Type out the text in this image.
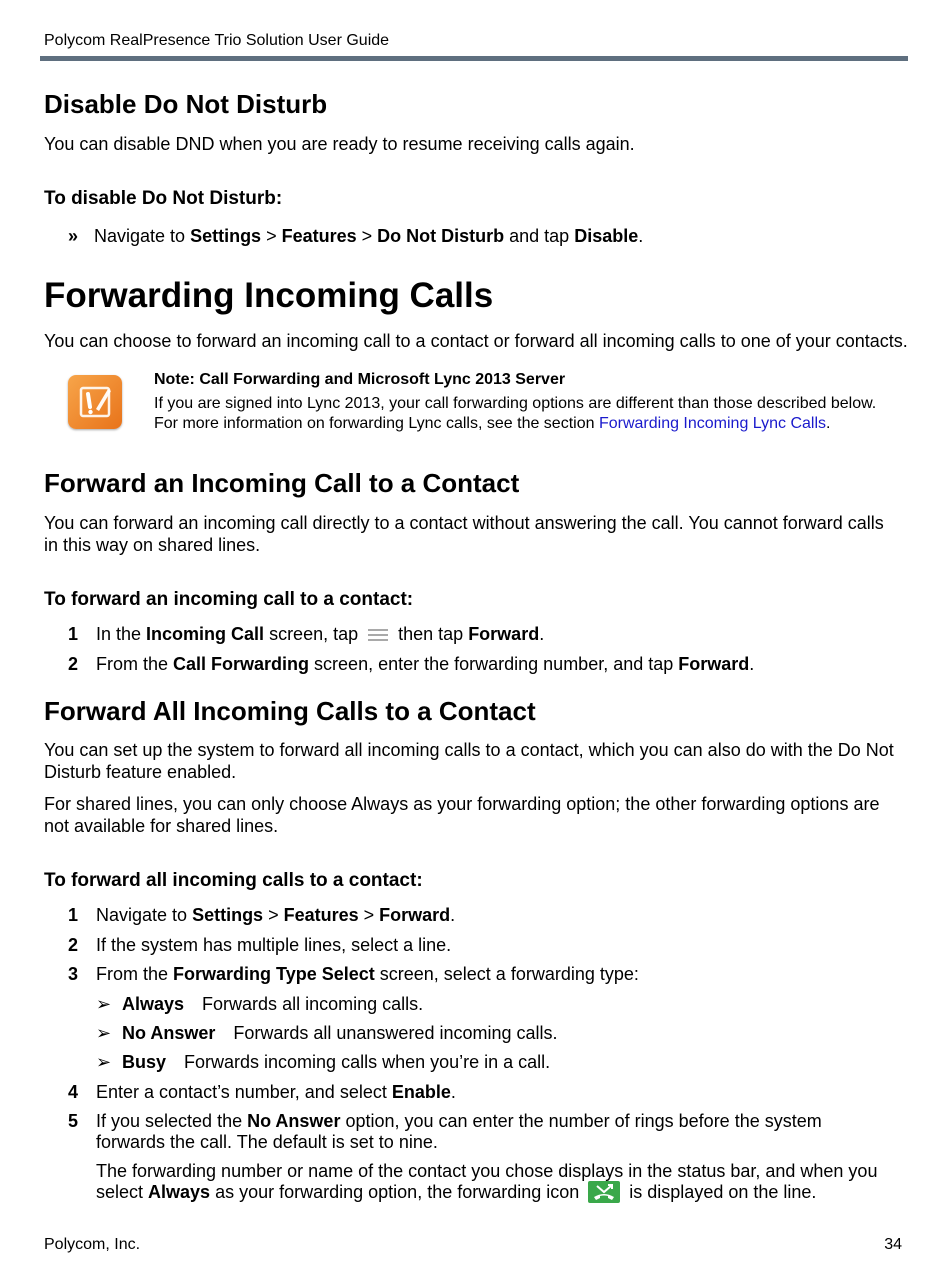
Polycom RealPresence Trio Solution User Guide
Disable Do Not Disturb
You can disable DND when you are ready to resume receiving calls again.
To disable Do Not Disturb:
» Navigate to Settings > Features > Do Not Disturb and tap Disable.
Forwarding Incoming Calls
You can choose to forward an incoming call to a contact or forward all incoming calls to one of your contacts.
Note: Call Forwarding and Microsoft Lync 2013 Server
If you are signed into Lync 2013, your call forwarding options are different than those described below.
For more information on forwarding Lync calls, see the section Forwarding Incoming Lync Calls.
Forward an Incoming Call to a Contact
You can forward an incoming call directly to a contact without answering the call. You cannot forward calls
in this way on shared lines.
To forward an incoming call to a contact:
1 In the Incoming Call screen, tap  then tap Forward.
2 From the Call Forwarding screen, enter the forwarding number, and tap Forward.
Forward All Incoming Calls to a Contact
You can set up the system to forward all incoming calls to a contact, which you can also do with the Do Not
Disturb feature enabled.
For shared lines, you can only choose Always as your forwarding option; the other forwarding options are
not available for shared lines.
To forward all incoming calls to a contact:
1 Navigate to Settings > Features > Forward.
2 If the system has multiple lines, select a line.
3 From the Forwarding Type Select screen, select a forwarding type:
➢ Always Forwards all incoming calls.
➢ No Answer Forwards all unanswered incoming calls.
➢ Busy Forwards incoming calls when you’re in a call.
4 Enter a contact’s number, and select Enable.
5 If you selected the No Answer option, you can enter the number of rings before the system
forwards the call. The default is set to nine.
The forwarding number or name of the contact you chose displays in the status bar, and when you
select Always as your forwarding option, the forwarding icon
is displayed on the line.
Polycom, Inc.	34
